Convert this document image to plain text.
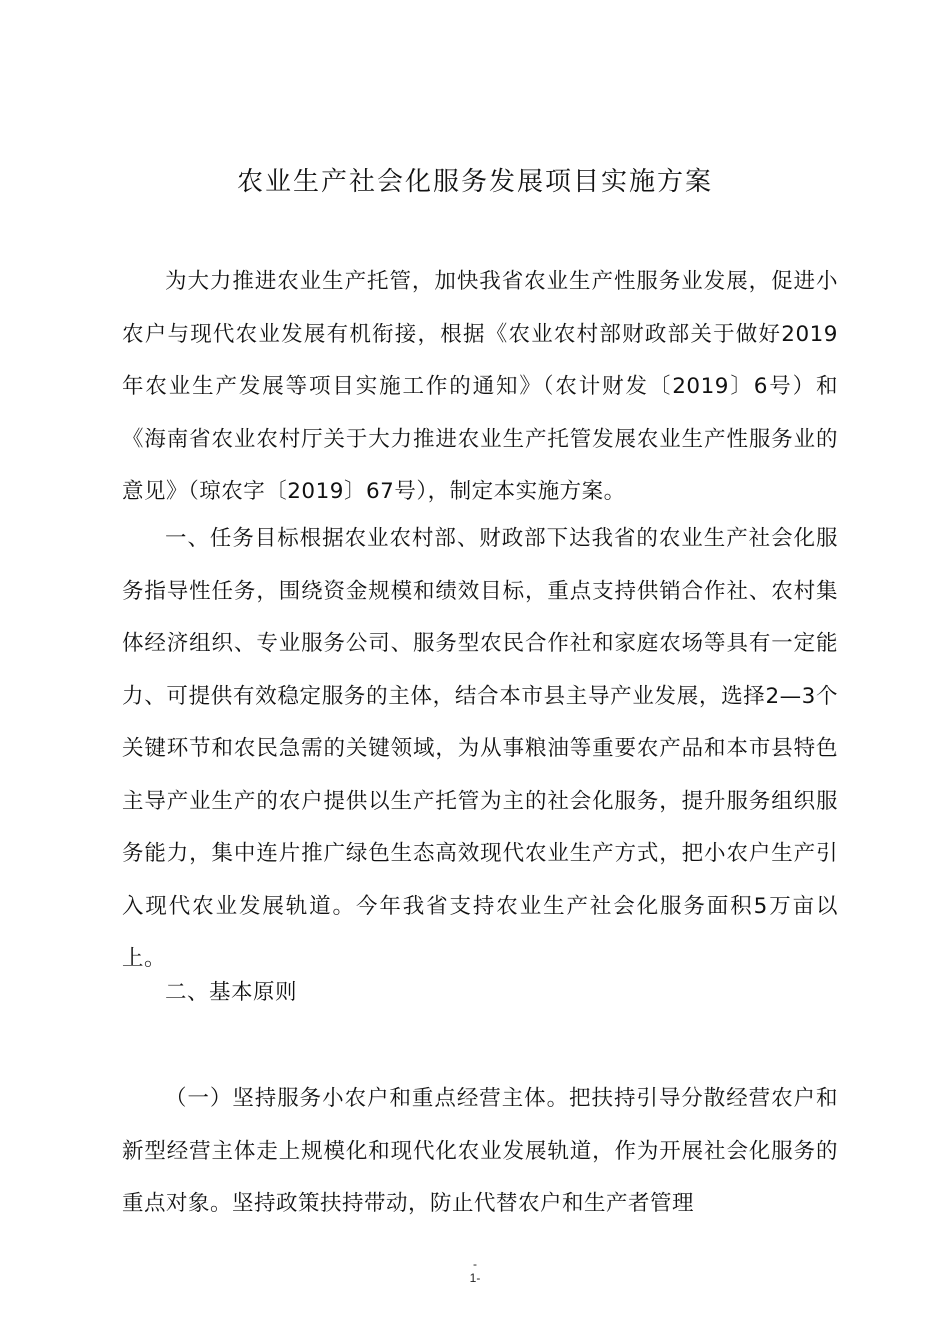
农业生产社会化服务发展项目实施方案

为大力推进农业生产托管，加快我省农业生产性服务业发展，促进小农户与现代农业发展有机衔接，根据《农业农村部财政部关于做好2019年农业生产发展等项目实施工作的通知》（农计财发〔2019〕6号）和《海南省农业农村厅关于大力推进农业生产托管发展农业生产性服务业的意见》（琼农字〔2019〕67号），制定本实施方案。

一、任务目标根据农业农村部、财政部下达我省的农业生产社会化服务指导性任务，围绕资金规模和绩效目标，重点支持供销合作社、农村集体经济组织、专业服务公司、服务型农民合作社和家庭农场等具有一定能力、可提供有效稳定服务的主体，结合本市县主导产业发展，选择2—3个关键环节和农民急需的关键领域，为从事粮油等重要农产品和本市县特色主导产业生产的农户提供以生产托管为主的社会化服务，提升服务组织服务能力，集中连片推广绿色生态高效现代农业生产方式，把小农户生产引入现代农业发展轨道。今年我省支持农业生产社会化服务面积5万亩以上。

二、基本原则

（一）坚持服务小农户和重点经营主体。把扶持引导分散经营农户和新型经营主体走上规模化和现代化农业发展轨道，作为开展社会化服务的重点对象。坚持政策扶持带动，防止代替农户和生产者管理

-
1-
